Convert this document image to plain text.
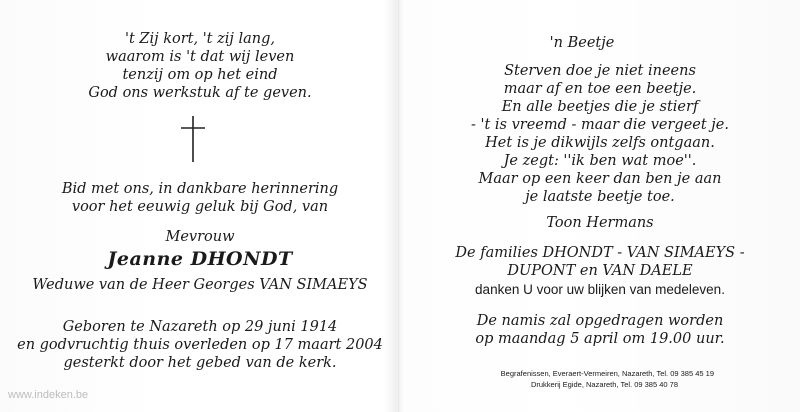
't Zij kort, 't zij lang,
waarom is 't dat wij leven
tenzij om op het eind
God ons werkstuk af te geven.
Bid met ons, in dankbare herinnering
voor het eeuwig geluk bij God, van
Mevrouw
Jeanne DHONDT
Weduwe van de Heer Georges VAN SIMAEYS
Geboren te Nazareth op 29 juni 1914
en godvruchtig thuis overleden op 17 maart 2004
gesterkt door het gebed van de kerk.
'n Beetje
Sterven doe je niet ineens
maar af en toe een beetje.
En alle beetjes die je stierf
- 't is vreemd - maar die vergeet je.
Het is je dikwijls zelfs ontgaan.
Je zegt: ''ik ben wat moe''.
Maar op een keer dan ben je aan
je laatste beetje toe.
Toon Hermans
De families DHONDT - VAN SIMAEYS -
DUPONT en VAN DAELE
danken U voor uw blijken van medeleven.
De namis zal opgedragen worden
op maandag 5 april om 19.00 uur.
Begrafenissen, Everaert-Vermeiren, Nazareth, Tel. 09 385 45 19
Drukkerij Egide, Nazareth, Tel. 09 385 40 78
www.indeken.be
